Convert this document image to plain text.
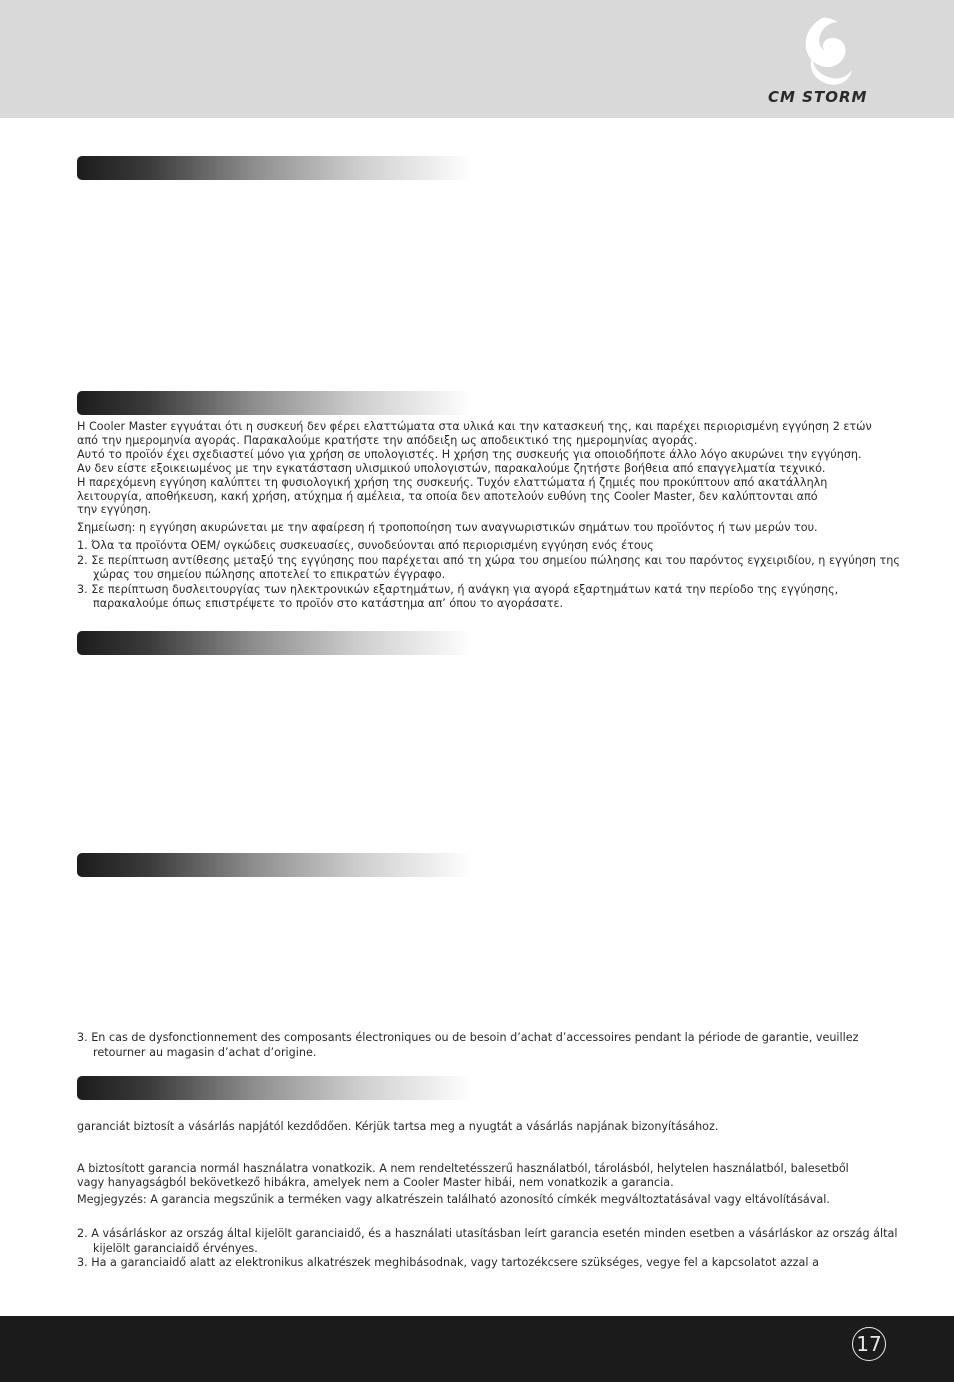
CM STORM

Η Cooler Master εγγυάται ότι η συσκευή δεν φέρει ελαττώματα στα υλικά και την κατασκευή της, και παρέχει περιορισμένη εγγύηση 2 ετών
από την ημερομηνία αγοράς. Παρακαλούμε κρατήστε την απόδειξη ως αποδεικτικό της ημερομηνίας αγοράς.
Αυτό το προϊόν έχει σχεδιαστεί μόνο για χρήση σε υπολογιστές. Η χρήση της συσκευής για οποιοδήποτε άλλο λόγο ακυρώνει την εγγύηση.
Αν δεν είστε εξοικειωμένος με την εγκατάσταση υλισμικού υπολογιστών, παρακαλούμε ζητήστε βοήθεια από επαγγελματία τεχνικό.
Η παρεχόμενη εγγύηση καλύπτει τη φυσιολογική χρήση της συσκευής. Τυχόν ελαττώματα ή ζημιές που προκύπτουν από ακατάλληλη
λειτουργία, αποθήκευση, κακή χρήση, ατύχημα ή αμέλεια, τα οποία δεν αποτελούν ευθύνη της Cooler Master, δεν καλύπτονται από
την εγγύηση.

Σημείωση: η εγγύηση ακυρώνεται με την αφαίρεση ή τροποποίηση των αναγνωριστικών σημάτων του προϊόντος ή των μερών του.

1. Όλα τα προϊόντα OEM/ ογκώδεις συσκευασίες, συνοδεύονται από περιορισμένη εγγύηση ενός έτους
2. Σε περίπτωση αντίθεσης μεταξύ της εγγύησης που παρέχεται από τη χώρα του σημείου πώλησης και του παρόντος εγχειριδίου, η εγγύηση της χώρας του σημείου πώλησης αποτελεί το επικρατών έγγραφο.
3. Σε περίπτωση δυσλειτουργίας των ηλεκτρονικών εξαρτημάτων, ή ανάγκη για αγορά εξαρτημάτων κατά την περίοδο της εγγύησης, παρακαλούμε όπως επιστρέψετε το προϊόν στο κατάστημα απ’ όπου το αγοράσατε.
3. En cas de dysfonctionnement des composants électroniques ou de besoin d’achat d’accessoires pendant la période de garantie, veuillez retourner au magasin d’achat d’origine.

garanciát biztosít a vásárlás napjától kezdődően. Kérjük tartsa meg a nyugtát a vásárlás napjának bizonyításához.

A biztosított garancia normál használatra vonatkozik. A nem rendeltetésszerű használatból, tárolásból, helytelen használatból, balesetből
vagy hanyagságból bekövetkező hibákra, amelyek nem a Cooler Master hibái, nem vonatkozik a garancia.

Megjegyzés: A garancia megszűnik a terméken vagy alkatrészein található azonosító címkék megváltoztatásával vagy eltávolításával.

2. A vásárláskor az ország által kijelölt garanciaidő, és a használati utasításban leírt garancia esetén minden esetben a vásárláskor az ország által kijelölt garanciaidő érvényes.
3. Ha a garanciaidő alatt az elektronikus alkatrészek meghibásodnak, vagy tartozékcsere szükséges, vegye fel a kapcsolatot azzal a
17
